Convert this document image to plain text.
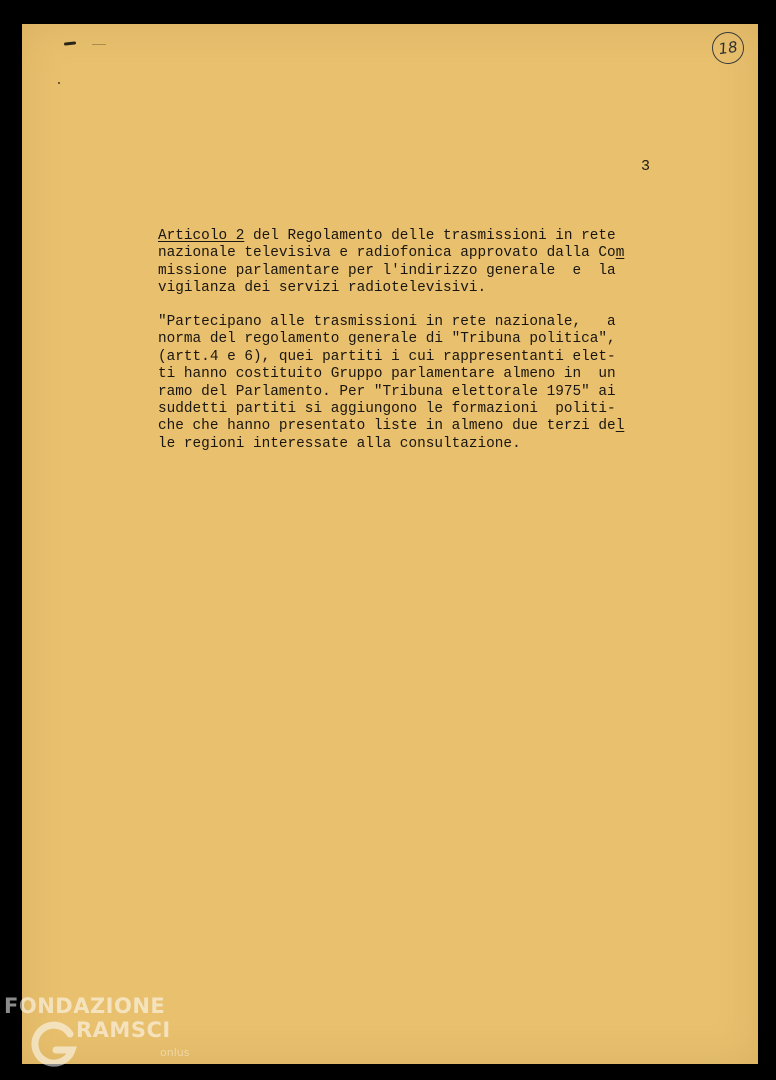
18
3
Articolo 2 del Regolamento delle trasmissioni in rete
nazionale televisiva e radiofonica approvato dalla Com
missione parlamentare per l'indirizzo generale  e  la
vigilanza dei servizi radiotelevisivi.
"Partecipano alle trasmissioni in rete nazionale,   a
norma del regolamento generale di "Tribuna politica",
(artt.4 e 6), quei partiti i cui rappresentanti elet-
ti hanno costituito Gruppo parlamentare almeno in  un
ramo del Parlamento. Per "Tribuna elettorale 1975" ai
suddetti partiti si aggiungono le formazioni  politi-
che che hanno presentato liste in almeno due terzi del
le regioni interessate alla consultazione.
FONDAZIONE
RAMSCI
onlus
